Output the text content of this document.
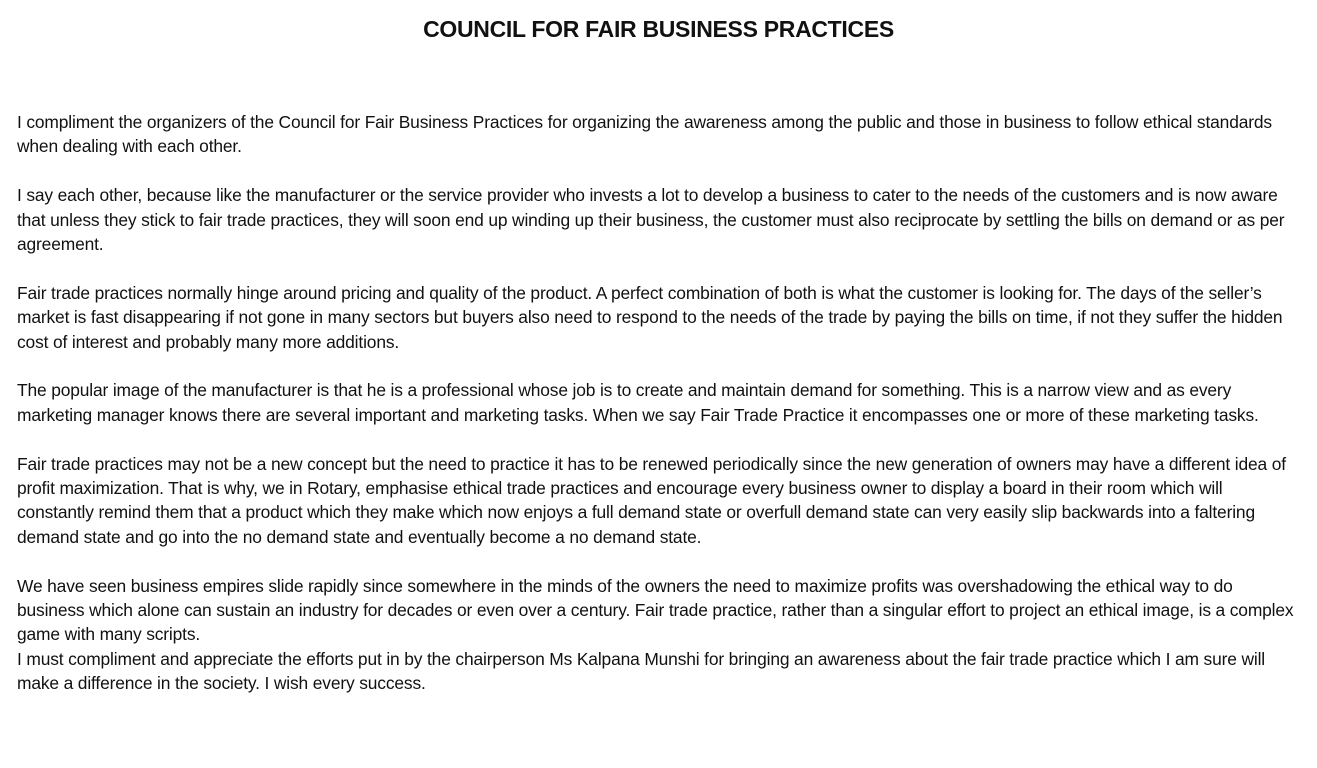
COUNCIL FOR FAIR BUSINESS PRACTICES

I compliment the organizers of the Council for Fair Business Practices for organizing the awareness among the public and those in business to follow ethical standards when dealing with each other.

I say each other, because like the manufacturer or the service provider who invests a lot to develop a business to cater to the needs of the customers and is now aware that unless they stick to fair trade practices, they will soon end up winding up their business, the customer must also reciprocate by settling the bills on demand or as per agreement.

Fair trade practices normally hinge around pricing and quality of the product. A perfect combination of both is what the customer is looking for. The days of the seller’s market is fast disappearing if not gone in many sectors but buyers also need to respond to the needs of the trade by paying the bills on time, if not they suffer the hidden cost of interest and probably many more additions.

The popular image of the manufacturer is that he is a professional whose job is to create and maintain demand for something. This is a narrow view and as every marketing manager knows there are several important and marketing tasks. When we say Fair Trade Practice it encompasses one or more of these marketing tasks.

Fair trade practices may not be a new concept but the need to practice it has to be renewed periodically since the new generation of owners may have a different idea of profit maximization. That is why, we in Rotary, emphasise ethical trade practices and encourage every business owner to display a board in their room which will constantly remind them that a product which they make which now enjoys a full demand state or overfull demand state can very easily slip backwards into a faltering demand state and go into the no demand state and eventually become a no demand state.

We have seen business empires slide rapidly since somewhere in the minds of the owners the need to maximize profits was overshadowing the ethical way to do business which alone can sustain an industry for decades or even over a century. Fair trade practice, rather than a singular effort to project an ethical image, is a complex game with many scripts.

I must compliment and appreciate the efforts put in by the chairperson Ms Kalpana Munshi for bringing an awareness about the fair trade practice which I am sure will make a difference in the society. I wish every success.
